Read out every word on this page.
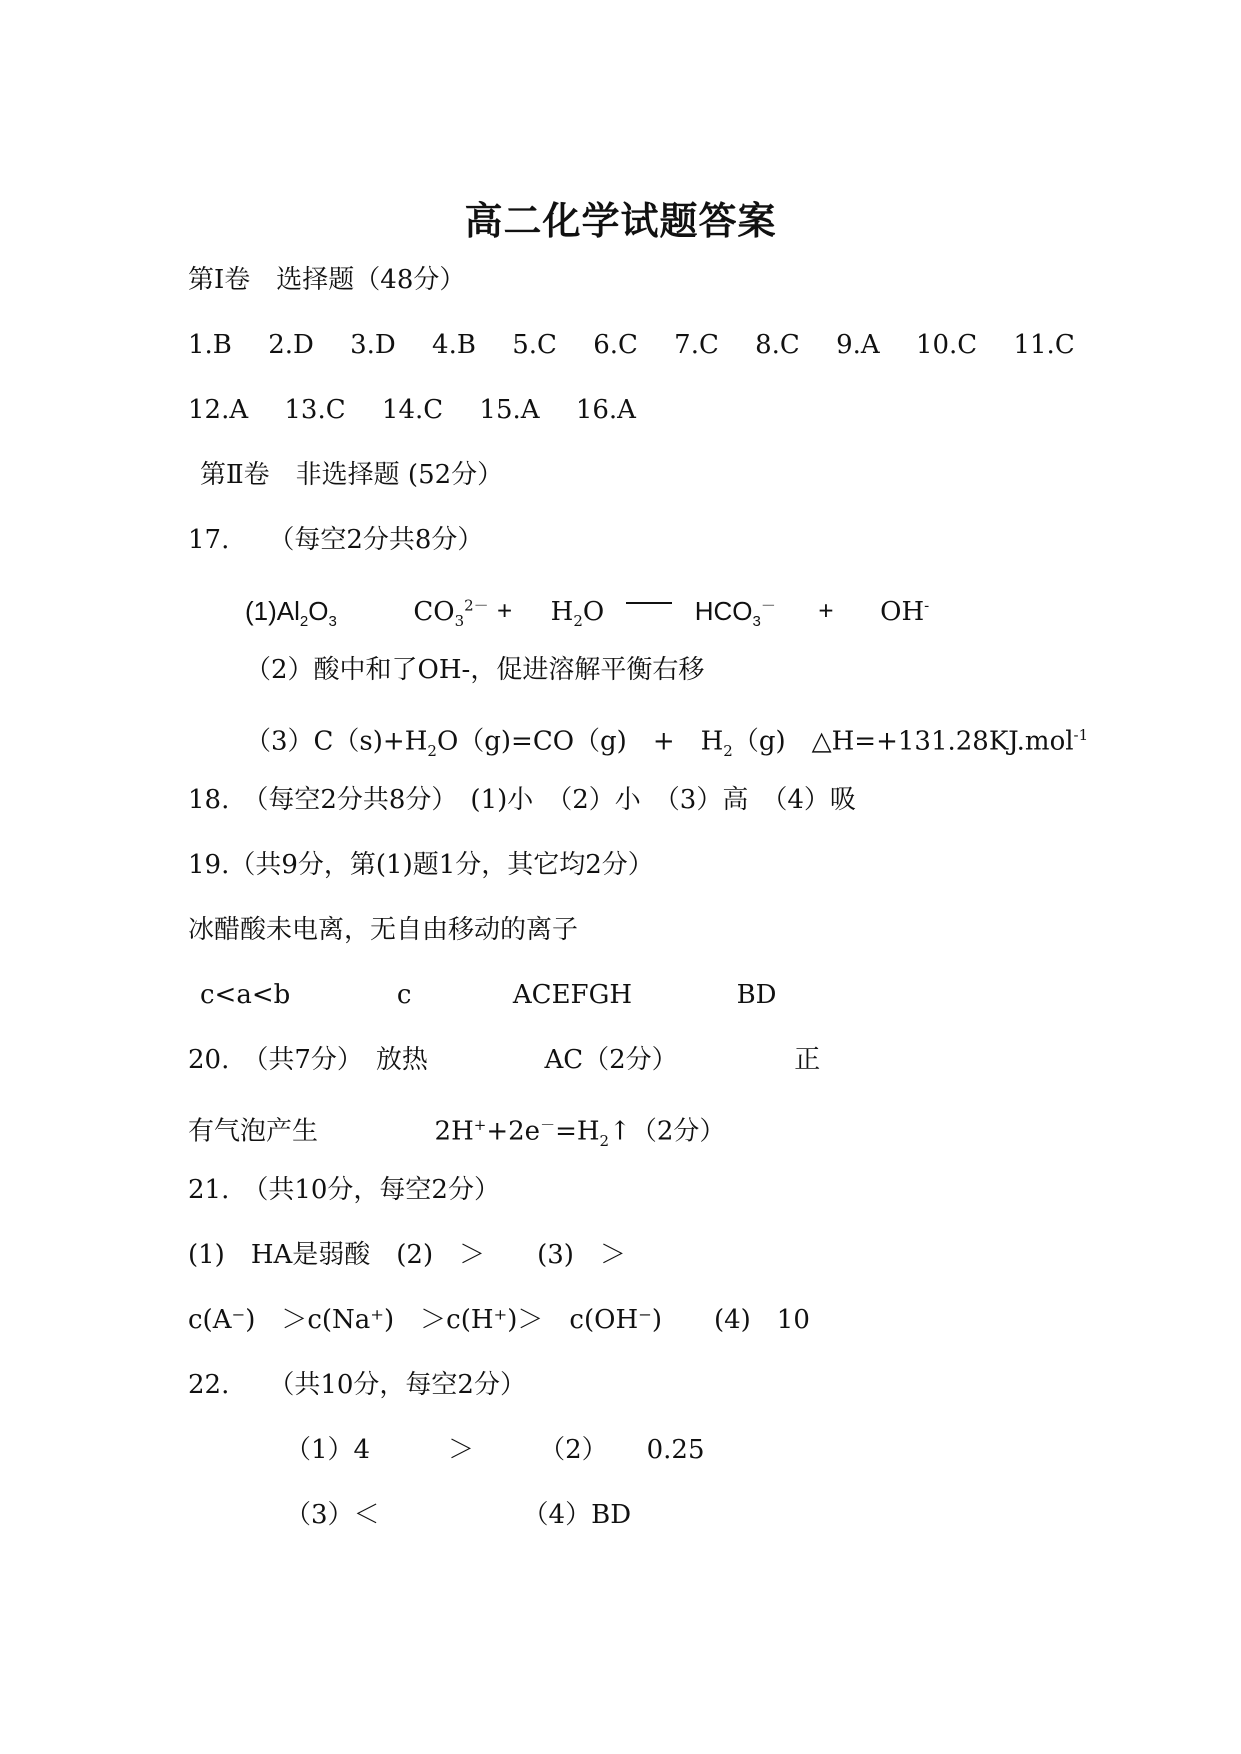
高二化学试题答案
第Ⅰ卷　选择题（48分）
1.B 2.D 3.D 4.B 5.C 6.C 7.C 8.C 9.A 10.C 11.C
12.A 13.C 14.C 15.A 16.A
第Ⅱ卷　非选择题 (52分）
17.　　（每空2分共8分）
$(1)Al_2O_3$	$CO_3^{2-} + H_2O$	$HCO_3^- + OH^-$
（2）酸中和了OH-，促进溶解平衡右移
$(3)C(s)+H_2O(g)=CO(g)$　+　$H_2(g)$　△H=+131.28KJ.mol$^{-1}$
18.　（每空2分共8分）　(1)小　（2）小　（3）高　（4）吸
19.（共9分，第(1)题1分，其它均2分）
冰醋酸未电离，无自由移动的离子
c<a<b	c	ACEFGH	BD
20.　（共7分）　放热	AC（2分）	正
有气泡产生	$2H^++2e^-=H_2↑(2$分）
21.　（共10分，每空2分）
(1)　HA是弱酸　(2)　＞　　(3)　＞
c(A⁻)　＞c(Na⁺)　＞c(H⁺)＞　c(OH⁻)　　(4)　10
22.　　（共10分，每空2分）
（1）4　　　＞　　　（2）　　0.25
（3）＜　　　　　　（4）BD
